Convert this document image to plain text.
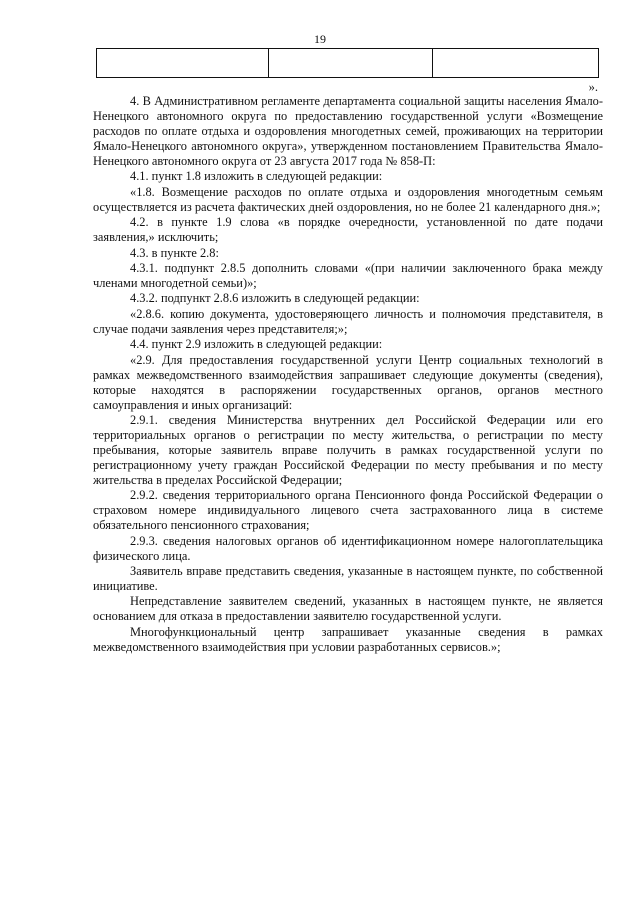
19

».

4. В Административном регламенте департамента социальной защиты населения Ямало-Ненецкого автономного округа по предоставлению государственной услуги «Возмещение расходов по оплате отдыха и оздоровления многодетных семей, проживающих на территории Ямало-Ненецкого автономного округа», утвержденном постановлением Правительства Ямало-Ненецкого автономного округа от 23 августа 2017 года № 858-П:

4.1. пункт 1.8 изложить в следующей редакции:

«1.8. Возмещение расходов по оплате отдыха и оздоровления многодетным семьям осуществляется из расчета фактических дней оздоровления, но не более 21 календарного дня.»;

4.2. в пункте 1.9 слова «в порядке очередности, установленной по дате подачи заявления,» исключить;

4.3. в пункте 2.8:

4.3.1. подпункт 2.8.5 дополнить словами «(при наличии заключенного брака между членами многодетной семьи)»;

4.3.2. подпункт 2.8.6 изложить в следующей редакции:

«2.8.6. копию документа, удостоверяющего личность и полномочия представителя, в случае подачи заявления через представителя;»;

4.4. пункт 2.9 изложить в следующей редакции:

«2.9. Для предоставления государственной услуги Центр социальных технологий в рамках межведомственного взаимодействия запрашивает следующие документы (сведения), которые находятся в распоряжении государственных органов, органов местного самоуправления и иных организаций:

2.9.1. сведения Министерства внутренних дел Российской Федерации или его территориальных органов о регистрации по месту жительства, о регистрации по месту пребывания, которые заявитель вправе получить в рамках государственной услуги по регистрационному учету граждан Российской Федерации по месту пребывания и по месту жительства в пределах Российской Федерации;

2.9.2. сведения территориального органа Пенсионного фонда Российской Федерации о страховом номере индивидуального лицевого счета застрахованного лица в системе обязательного пенсионного страхования;

2.9.3. сведения налоговых органов об идентификационном номере налогоплательщика физического лица.

Заявитель вправе представить сведения, указанные в настоящем пункте, по собственной инициативе.

Непредставление заявителем сведений, указанных в настоящем пункте, не является основанием для отказа в предоставлении заявителю государственной услуги.

Многофункциональный центр запрашивает указанные сведения в рамках межведомственного взаимодействия при условии разработанных сервисов.»;
